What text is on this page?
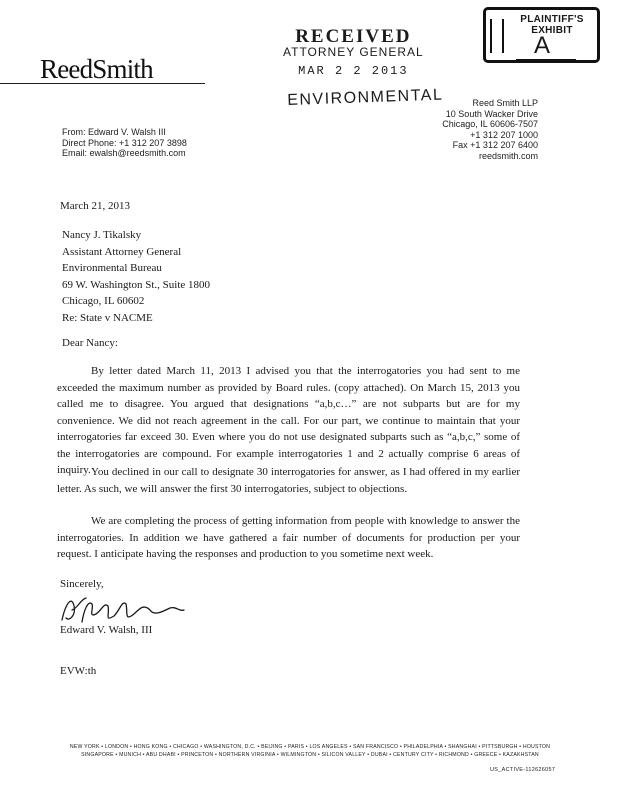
ReedSmith
From: Edward V. Walsh III
Direct Phone: +1 312 207 3898
Email: ewalsh@reedsmith.com
Reed Smith LLP
10 South Wacker Drive
Chicago, IL 60606-7507
+1 312 207 1000
Fax +1 312 207 6400
reedsmith.com
RECEIVED
ATTORNEY GENERAL
MAR 2 2 2013
ENVIRONMENTAL
PLAINTIFF'S
EXHIBIT
A
March 21, 2013
Nancy J. Tikalsky
Assistant Attorney General
Environmental Bureau
69 W. Washington St., Suite 1800
Chicago, IL 60602
Re: State v NACME
Dear Nancy:
By letter dated March 11, 2013 I advised you that the interrogatories you had sent to me exceeded the maximum number as provided by Board rules. (copy attached). On March 15, 2013 you called me to disagree. You argued that designations “a,b,c…” are not subparts but are for my convenience. We did not reach agreement in the call. For our part, we continue to maintain that your interrogatories far exceed 30. Even where you do not use designated subparts such as “a,b,c,” some of the interrogatories are compound. For example interrogatories 1 and 2 actually comprise 6 areas of inquiry. You declined in our call to designate 30 interrogatories for answer, as I had offered in my earlier letter. As such, we will answer the first 30 interrogatories, subject to objections.
We are completing the process of getting information from people with knowledge to answer the interrogatories. In addition we have gathered a fair number of documents for production per your request. I anticipate having the responses and production to you sometime next week.
Sincerely,
Edward V. Walsh, III
EVW:th
NEW YORK • LONDON • HONG KONG • CHICAGO • WASHINGTON, D.C. • BEIJING • PARIS • LOS ANGELES • SAN FRANCISCO • PHILADELPHIA • SHANGHAI • PITTSBURGH • HOUSTON
SINGAPORE • MUNICH • ABU DHABI • PRINCETON • NORTHERN VIRGINIA • WILMINGTON • SILICON VALLEY • DUBAI • CENTURY CITY • RICHMOND • GREECE • KAZAKHSTAN
US_ACTIVE-112626057
